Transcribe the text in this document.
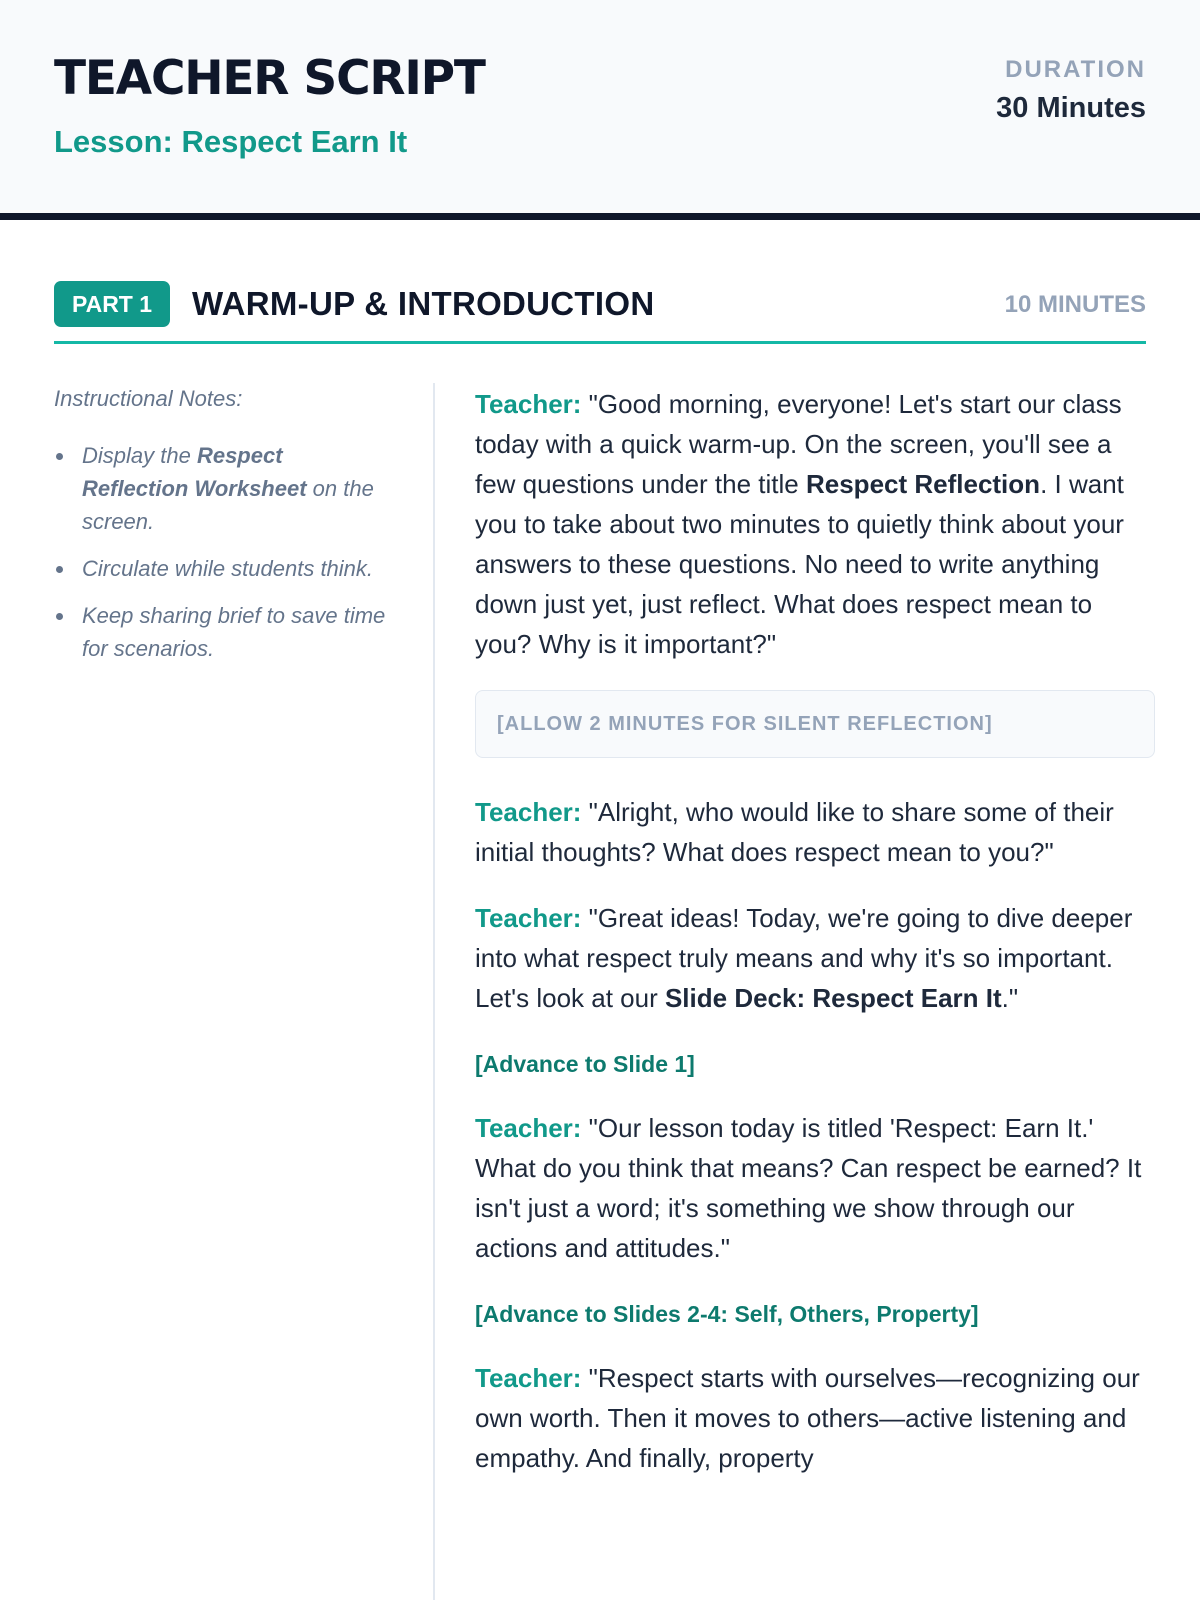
TEACHER SCRIPT
Lesson: Respect Earn It
DURATION
30 Minutes
PART 1	WARM-UP & INTRODUCTION	10 MINUTES
Instructional Notes:
Display the Respect Reflection Worksheet on the screen.
Circulate while students think.
Keep sharing brief to save time for scenarios.
Teacher: "Good morning, everyone! Let's start our class today with a quick warm-up. On the screen, you'll see a few questions under the title Respect Reflection. I want you to take about two minutes to quietly think about your answers to these questions. No need to write anything down just yet, just reflect. What does respect mean to you? Why is it important?"
[ALLOW 2 MINUTES FOR SILENT REFLECTION]
Teacher: "Alright, who would like to share some of their initial thoughts? What does respect mean to you?"
Teacher: "Great ideas! Today, we're going to dive deeper into what respect truly means and why it's so important. Let's look at our Slide Deck: Respect Earn It."
[Advance to Slide 1]
Teacher: "Our lesson today is titled 'Respect: Earn It.' What do you think that means? Can respect be earned? It isn't just a word; it's something we show through our actions and attitudes."
[Advance to Slides 2-4: Self, Others, Property]
Teacher: "Respect starts with ourselves—recognizing our own worth. Then it moves to others—active listening and empathy. And finally, property
